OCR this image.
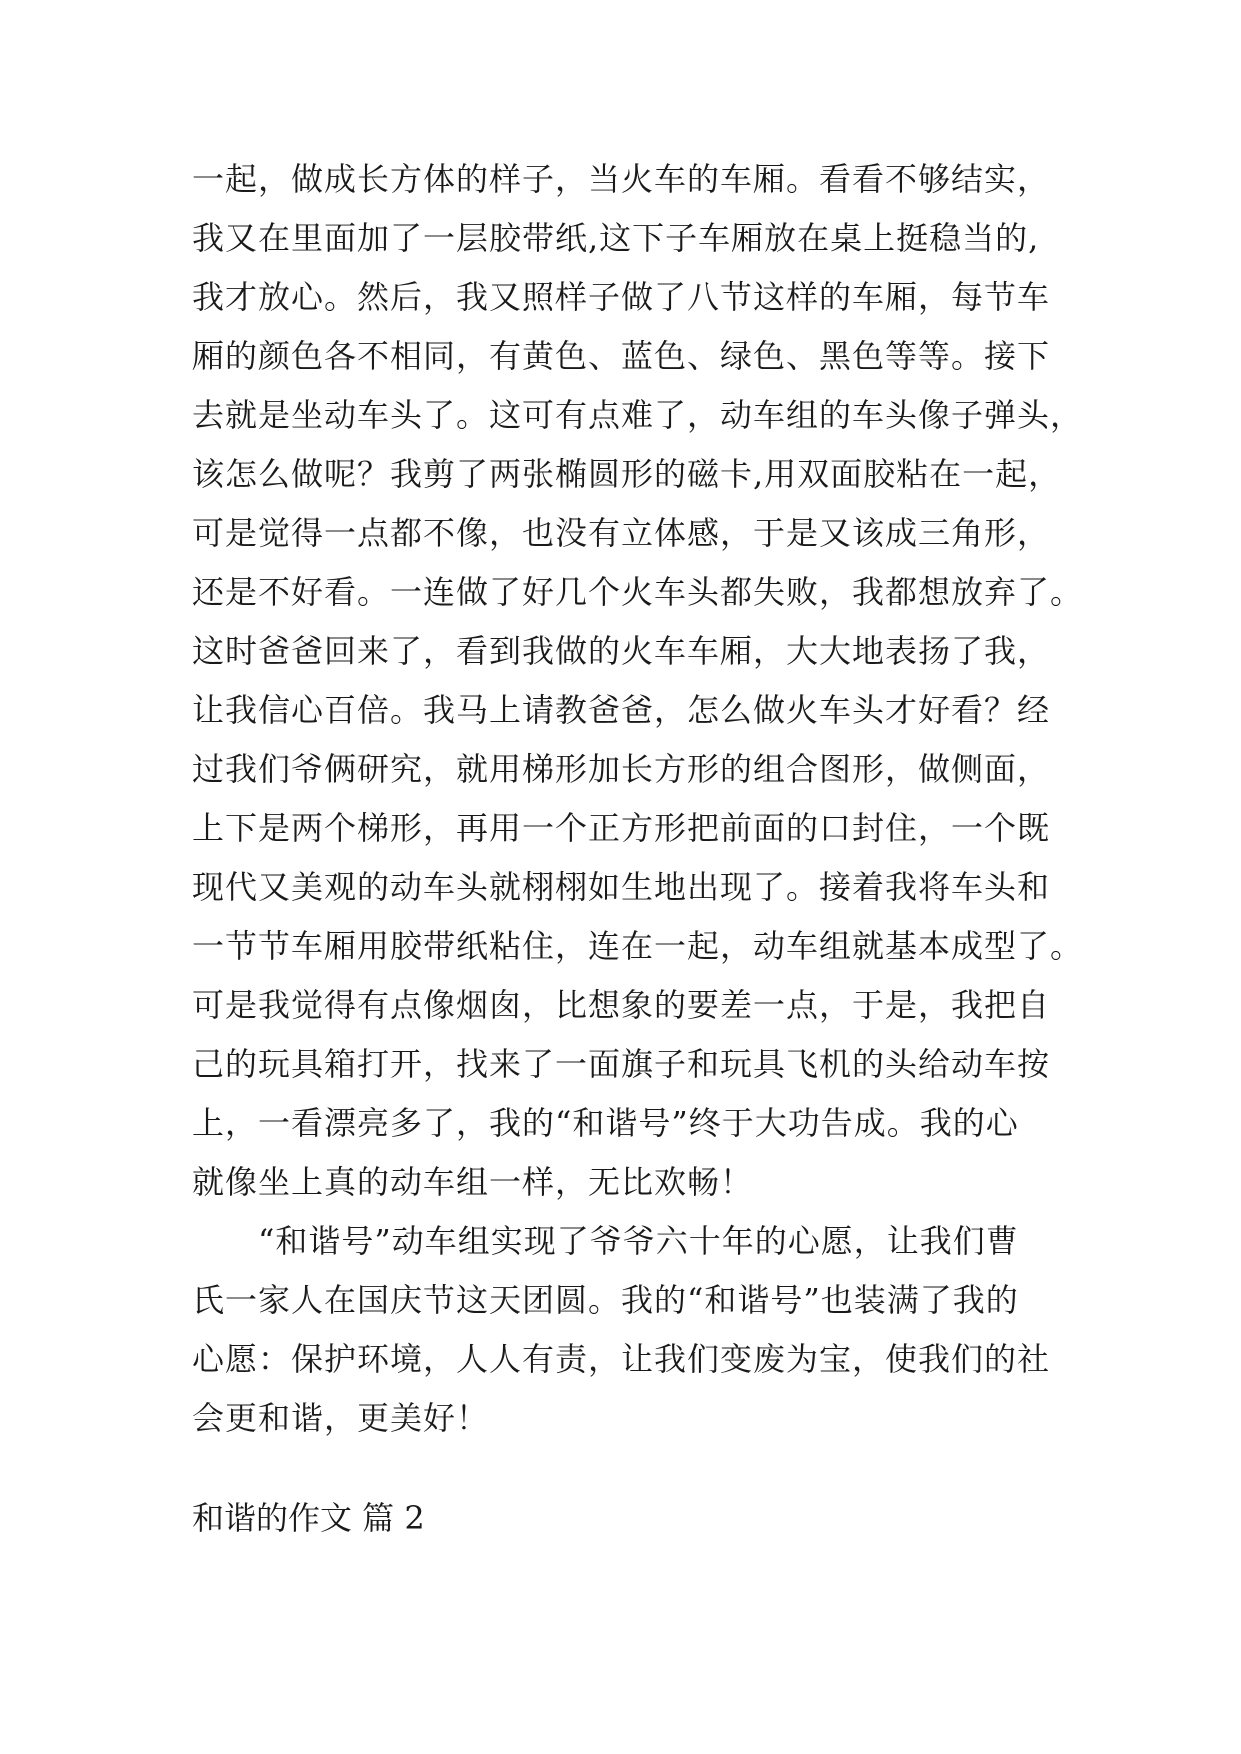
一起，做成长方体的样子，当火车的车厢。看看不够结实，
我又在里面加了一层胶带纸,这下子车厢放在桌上挺稳当的,
我才放心。然后，我又照样子做了八节这样的车厢，每节车
厢的颜色各不相同，有黄色、蓝色、绿色、黑色等等。接下
去就是坐动车头了。这可有点难了，动车组的车头像子弹头，
该怎么做呢？我剪了两张椭圆形的磁卡,用双面胶粘在一起，
可是觉得一点都不像，也没有立体感，于是又该成三角形，
还是不好看。一连做了好几个火车头都失败，我都想放弃了。
这时爸爸回来了，看到我做的火车车厢，大大地表扬了我，
让我信心百倍。我马上请教爸爸，怎么做火车头才好看？经
过我们爷俩研究，就用梯形加长方形的组合图形，做侧面，
上下是两个梯形，再用一个正方形把前面的口封住，一个既
现代又美观的动车头就栩栩如生地出现了。接着我将车头和
一节节车厢用胶带纸粘住，连在一起，动车组就基本成型了。
可是我觉得有点像烟囱，比想象的要差一点，于是，我把自
己的玩具箱打开，找来了一面旗子和玩具飞机的头给动车按
上，一看漂亮多了，我的“和谐号”终于大功告成。我的心
就像坐上真的动车组一样，无比欢畅！
　　“和谐号”动车组实现了爷爷六十年的心愿，让我们曹
氏一家人在国庆节这天团圆。我的“和谐号”也装满了我的
心愿：保护环境，人人有责，让我们变废为宝，使我们的社
会更和谐，更美好！
和谐的作文 篇 2
